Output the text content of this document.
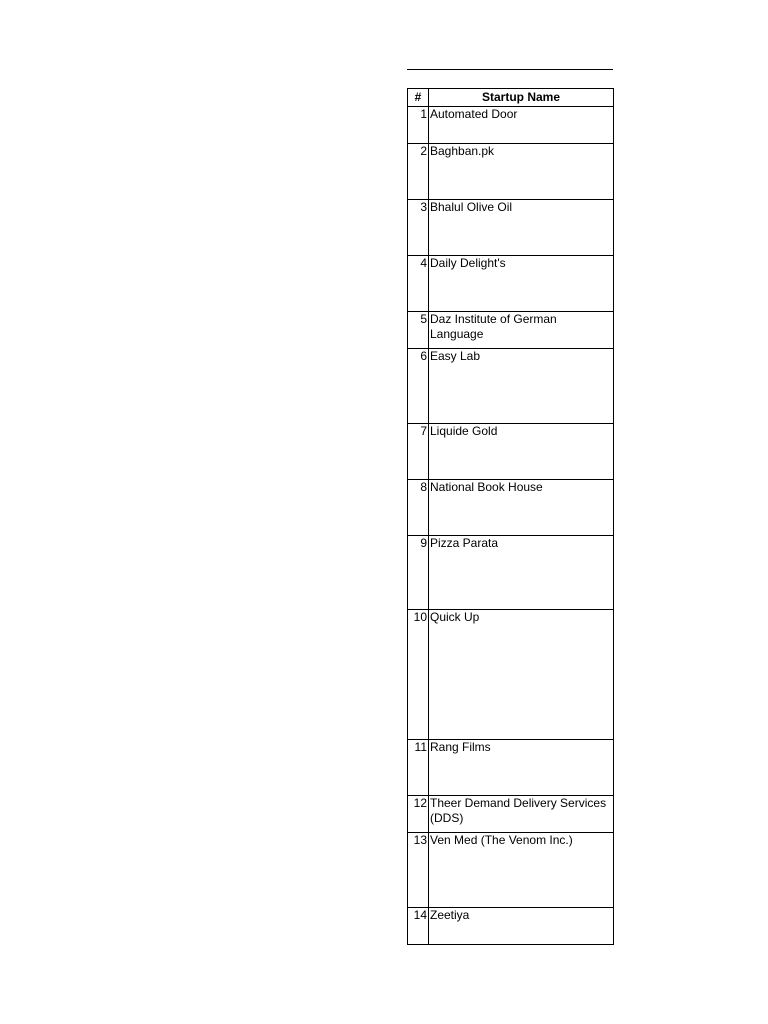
#	Startup Name
1	Automated Door
2	Baghban.pk
3	Bhalul Olive Oil
4	Daily Delight's
5	Daz Institute of German Language
6	Easy Lab
7	Liquide Gold
8	National Book House
9	Pizza Parata
10	Quick Up
11	Rang Films
12	Theer Demand Delivery Services (DDS)
13	Ven Med (The Venom Inc.)
14	Zeetiya
